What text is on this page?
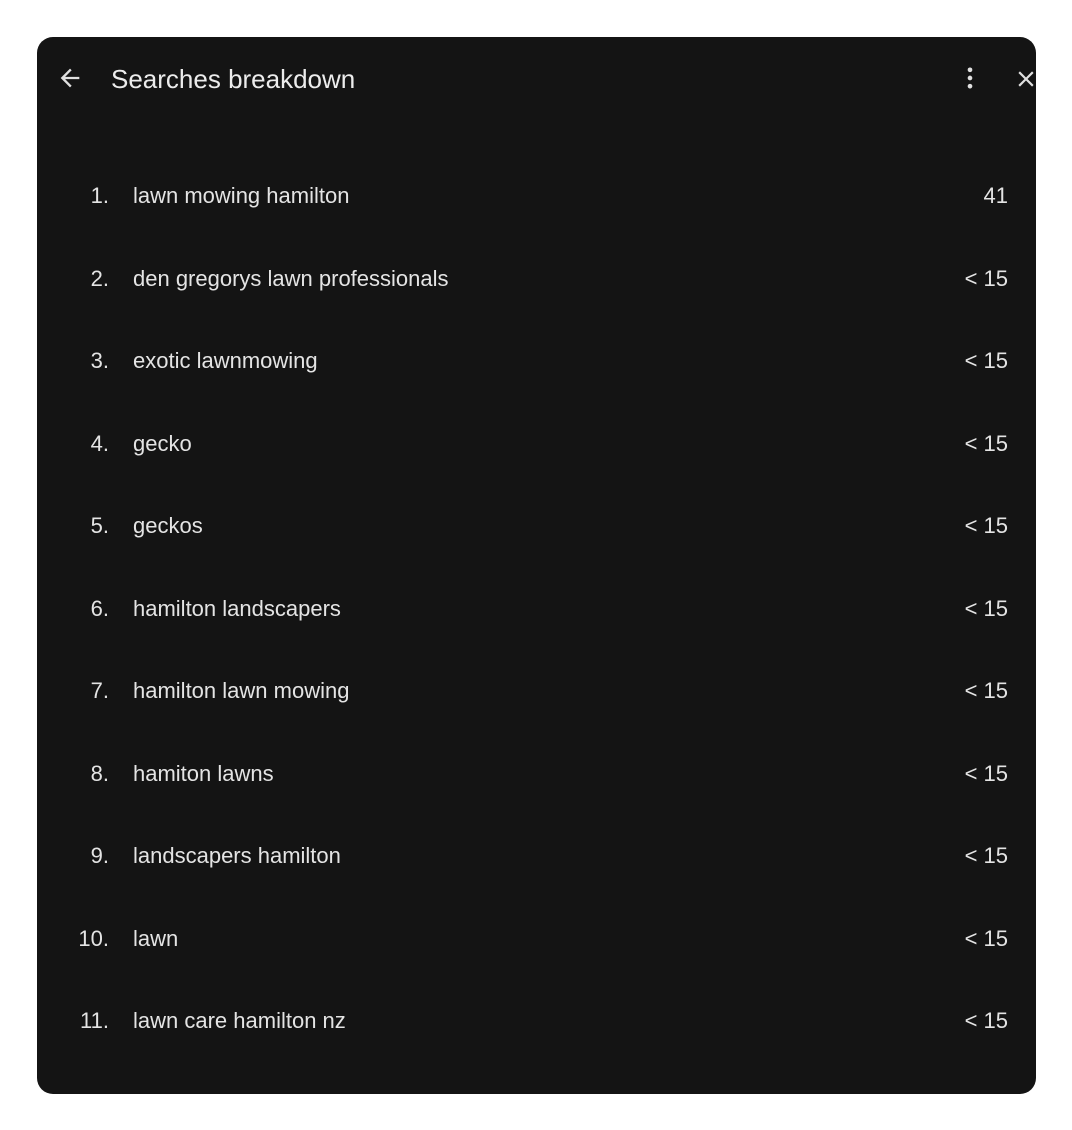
Searches breakdown
1. lawn mowing hamilton	41
2. den gregorys lawn professionals	< 15
3. exotic lawnmowing	< 15
4. gecko	< 15
5. geckos	< 15
6. hamilton landscapers	< 15
7. hamilton lawn mowing	< 15
8. hamiton lawns	< 15
9. landscapers hamilton	< 15
10. lawn	< 15
11. lawn care hamilton nz	< 15
